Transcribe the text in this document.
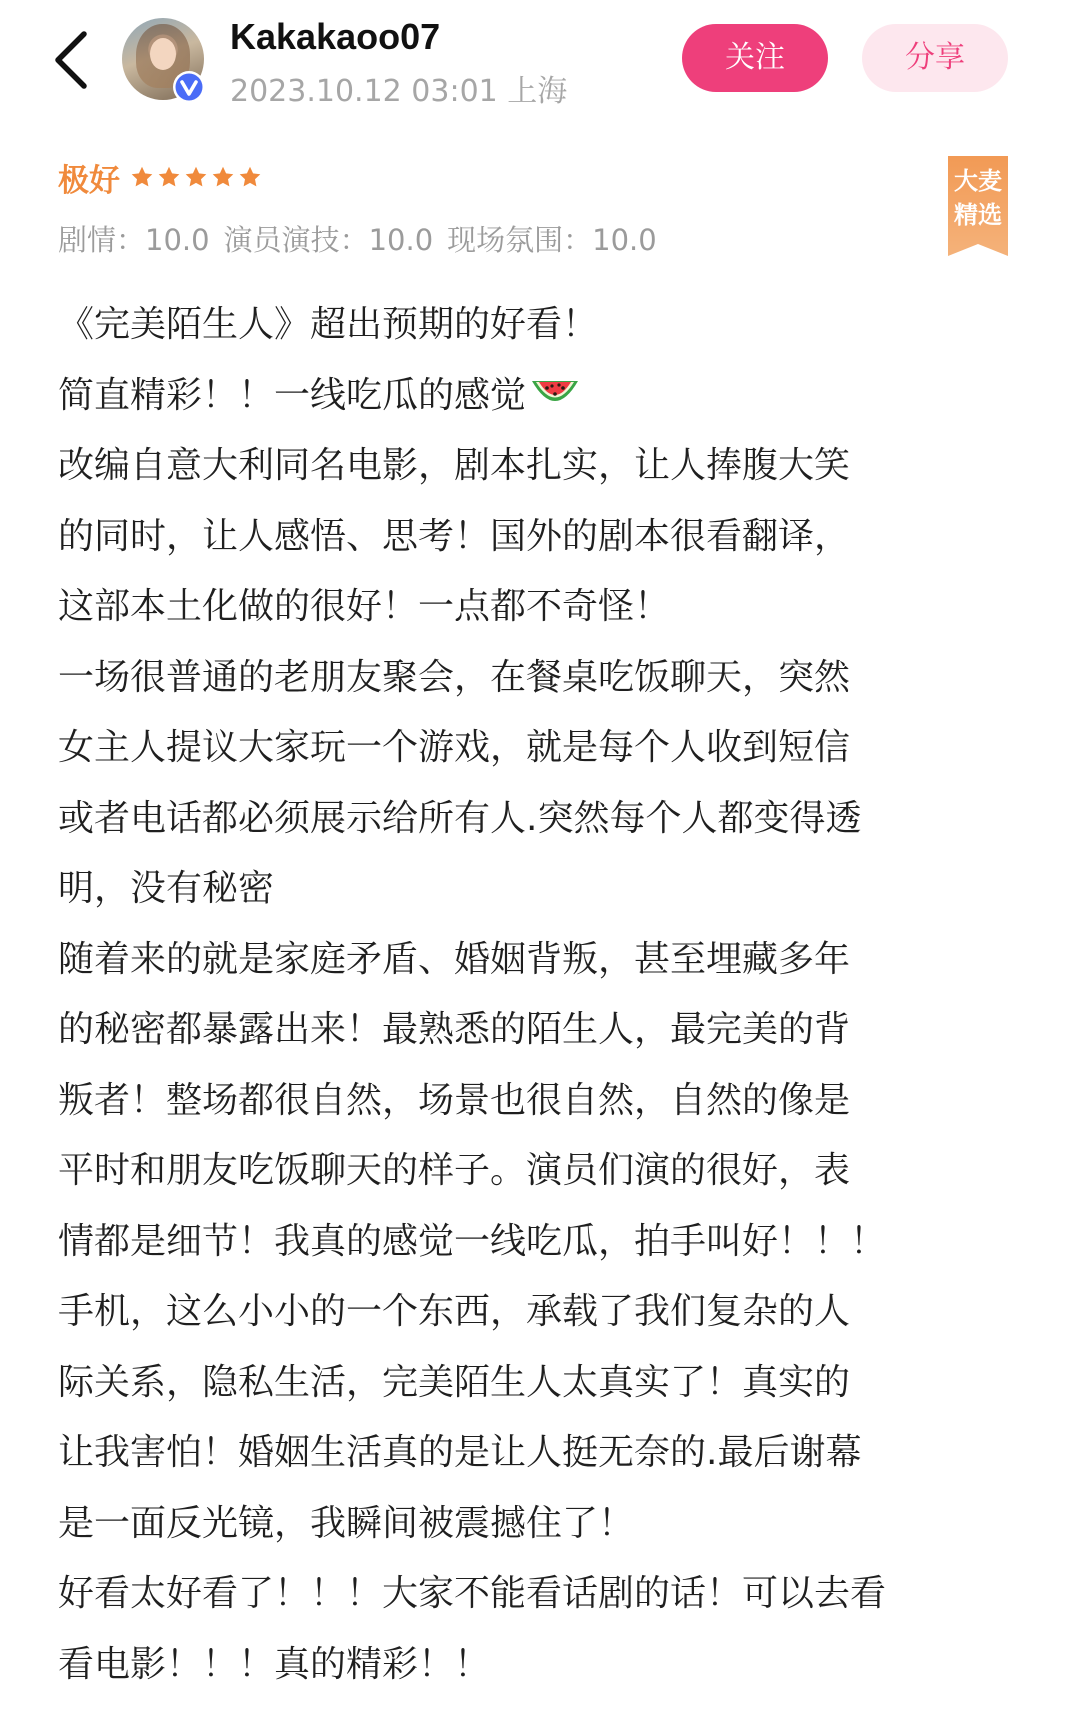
Kakakaoo07
2023.10.12 03:01 上海
关注	分享
极好
剧情：10.0 演员演技：10.0 现场氛围：10.0
大麦
精选
《完美陌生人》超出预期的好看！
简直精彩！！一线吃瓜的感觉
改编自意大利同名电影，剧本扎实，让人捧腹大笑
的同时，让人感悟、思考！国外的剧本很看翻译，
这部本土化做的很好！一点都不奇怪！
一场很普通的老朋友聚会，在餐桌吃饭聊天，突然
女主人提议大家玩一个游戏，就是每个人收到短信
或者电话都必须展示给所有人.突然每个人都变得透
明，没有秘密
随着来的就是家庭矛盾、婚姻背叛，甚至埋藏多年
的秘密都暴露出来！最熟悉的陌生人，最完美的背
叛者！整场都很自然，场景也很自然，自然的像是
平时和朋友吃饭聊天的样子。演员们演的很好，表
情都是细节！我真的感觉一线吃瓜，拍手叫好！！！
手机，这么小小的一个东西，承载了我们复杂的人
际关系，隐私生活，完美陌生人太真实了！真实的
让我害怕！婚姻生活真的是让人挺无奈的.最后谢幕
是一面反光镜，我瞬间被震撼住了！
好看太好看了！！！大家不能看话剧的话！可以去看
看电影！！！真的精彩！！
